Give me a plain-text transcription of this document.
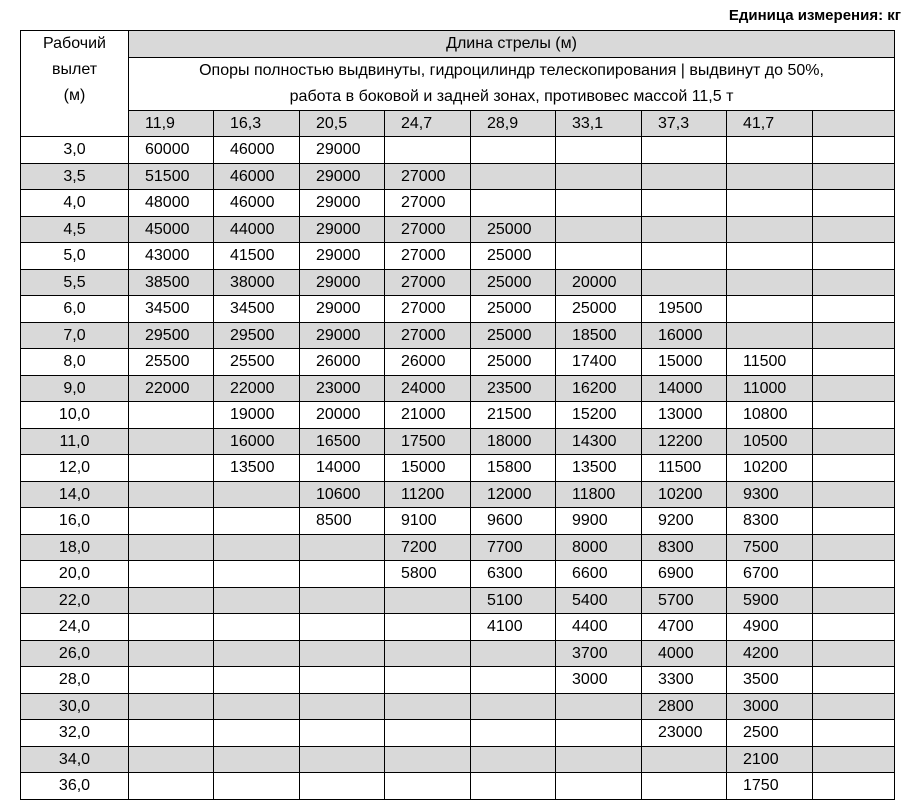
Единица измерения: кг
Рабочий
вылет
(м)	Длина стрелы (м)								

	Опоры полностью выдвинуты, гидроцилиндр телескопирования | выдвинут до 50%,
работа в боковой и задней зонах, противовес массой 11,5 т								

	11,9	16,3	20,5	24,7	28,9	33,1	37,3	41,7	
3,0	60000	46000	29000						
3,5	51500	46000	29000	27000					
4,0	48000	46000	29000	27000					
4,5	45000	44000	29000	27000	25000				
5,0	43000	41500	29000	27000	25000				
5,5	38500	38000	29000	27000	25000	20000			
6,0	34500	34500	29000	27000	25000	25000	19500		
7,0	29500	29500	29000	27000	25000	18500	16000		
8,0	25500	25500	26000	26000	25000	17400	15000	11500	
9,0	22000	22000	23000	24000	23500	16200	14000	11000	
10,0		19000	20000	21000	21500	15200	13000	10800	
11,0		16000	16500	17500	18000	14300	12200	10500	
12,0		13500	14000	15000	15800	13500	11500	10200	
14,0			10600	11200	12000	11800	10200	9300	
16,0			8500	9100	9600	9900	9200	8300	
18,0				7200	7700	8000	8300	7500	
20,0				5800	6300	6600	6900	6700	
22,0					5100	5400	5700	5900	
24,0					4100	4400	4700	4900	
26,0						3700	4000	4200	
28,0						3000	3300	3500	
30,0							2800	3000	
32,0							23000	2500	
34,0								2100	
36,0								1750	
